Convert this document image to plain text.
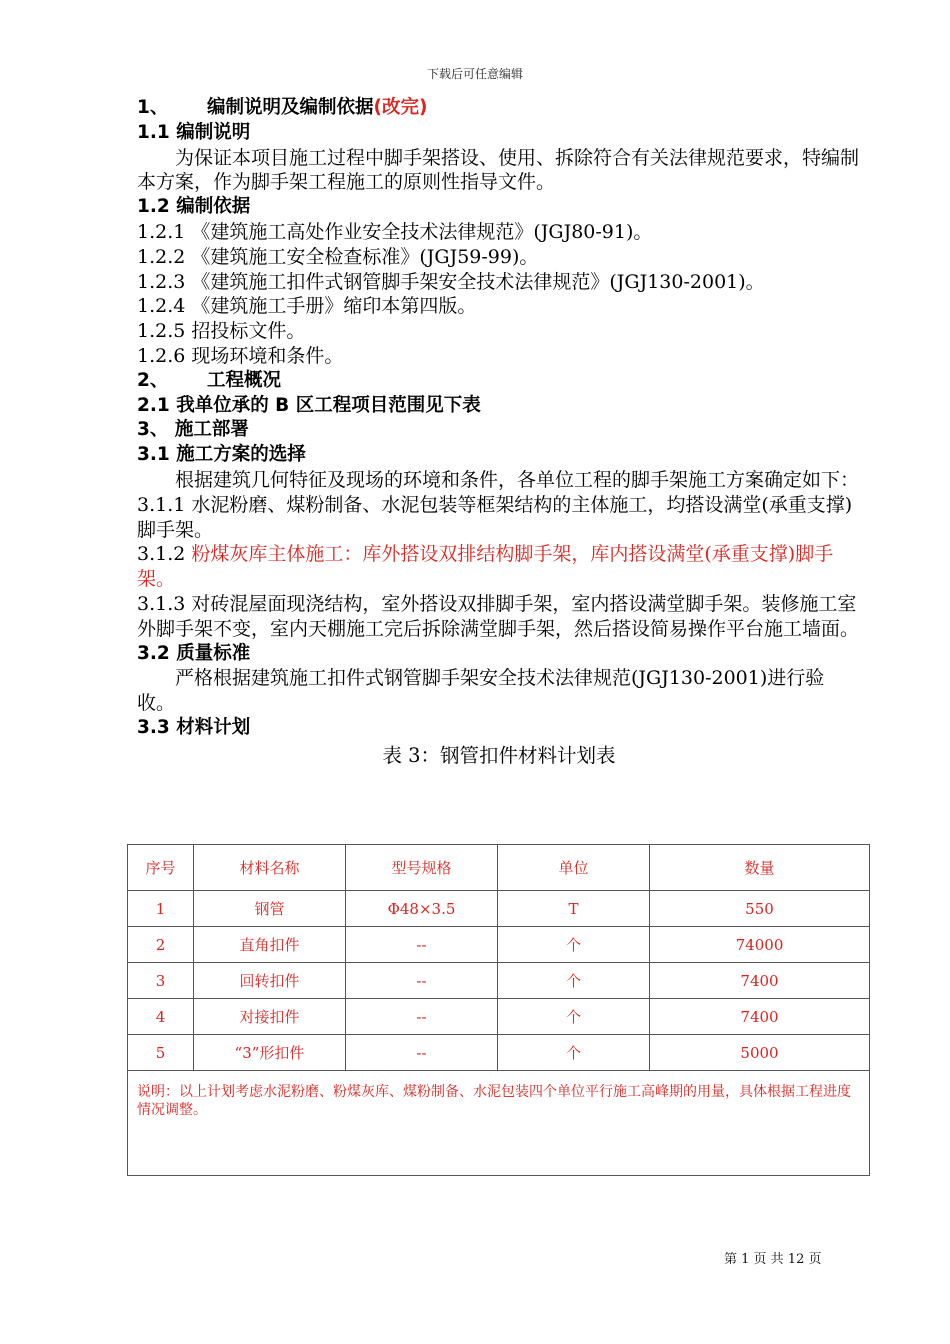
下载后可任意编辑

1、      编制说明及编制依据(改完)

1.1 编制说明

为保证本项目施工过程中脚手架搭设、使用、拆除符合有关法律规范要求，特编制本方案，作为脚手架工程施工的原则性指导文件。

1.2 编制依据

1.2.1 《建筑施工高处作业安全技术法律规范》(JGJ80-91)。

1.2.2 《建筑施工安全检查标准》(JGJ59-99)。

1.2.3 《建筑施工扣件式钢管脚手架安全技术法律规范》(JGJ130-2001)。

1.2.4 《建筑施工手册》缩印本第四版。

1.2.5 招投标文件。

1.2.6 现场环境和条件。

2、      工程概况

2.1 我单位承的 B 区工程项目范围见下表

3、 施工部署

3.1 施工方案的选择

根据建筑几何特征及现场的环境和条件，各单位工程的脚手架施工方案确定如下：

3.1.1 水泥粉磨、煤粉制备、水泥包装等框架结构的主体施工，均搭设满堂(承重支撑)脚手架。

3.1.2 粉煤灰库主体施工：库外搭设双排结构脚手架，库内搭设满堂(承重支撑)脚手架。

3.1.3 对砖混屋面现浇结构，室外搭设双排脚手架，室内搭设满堂脚手架。装修施工室外脚手架不变，室内天棚施工完后拆除满堂脚手架，然后搭设简易操作平台施工墙面。

3.2 质量标准

严格根据建筑施工扣件式钢管脚手架安全技术法律规范(JGJ130-2001)进行验收。

3.3 材料计划

表 3：钢管扣件材料计划表

序号	材料名称	型号规格	单位	数量
1	钢管	Φ48×3.5	T	550
2	直角扣件	--	个	74000
3	回转扣件	--	个	7400
4	对接扣件	--	个	7400
5	“3”形扣件	--	个	5000
说明：以上计划考虑水泥粉磨、粉煤灰库、煤粉制备、水泥包装四个单位平行施工高峰期的用量，具体根据工程进度情况调整。				
第 1 页 共 12 页
